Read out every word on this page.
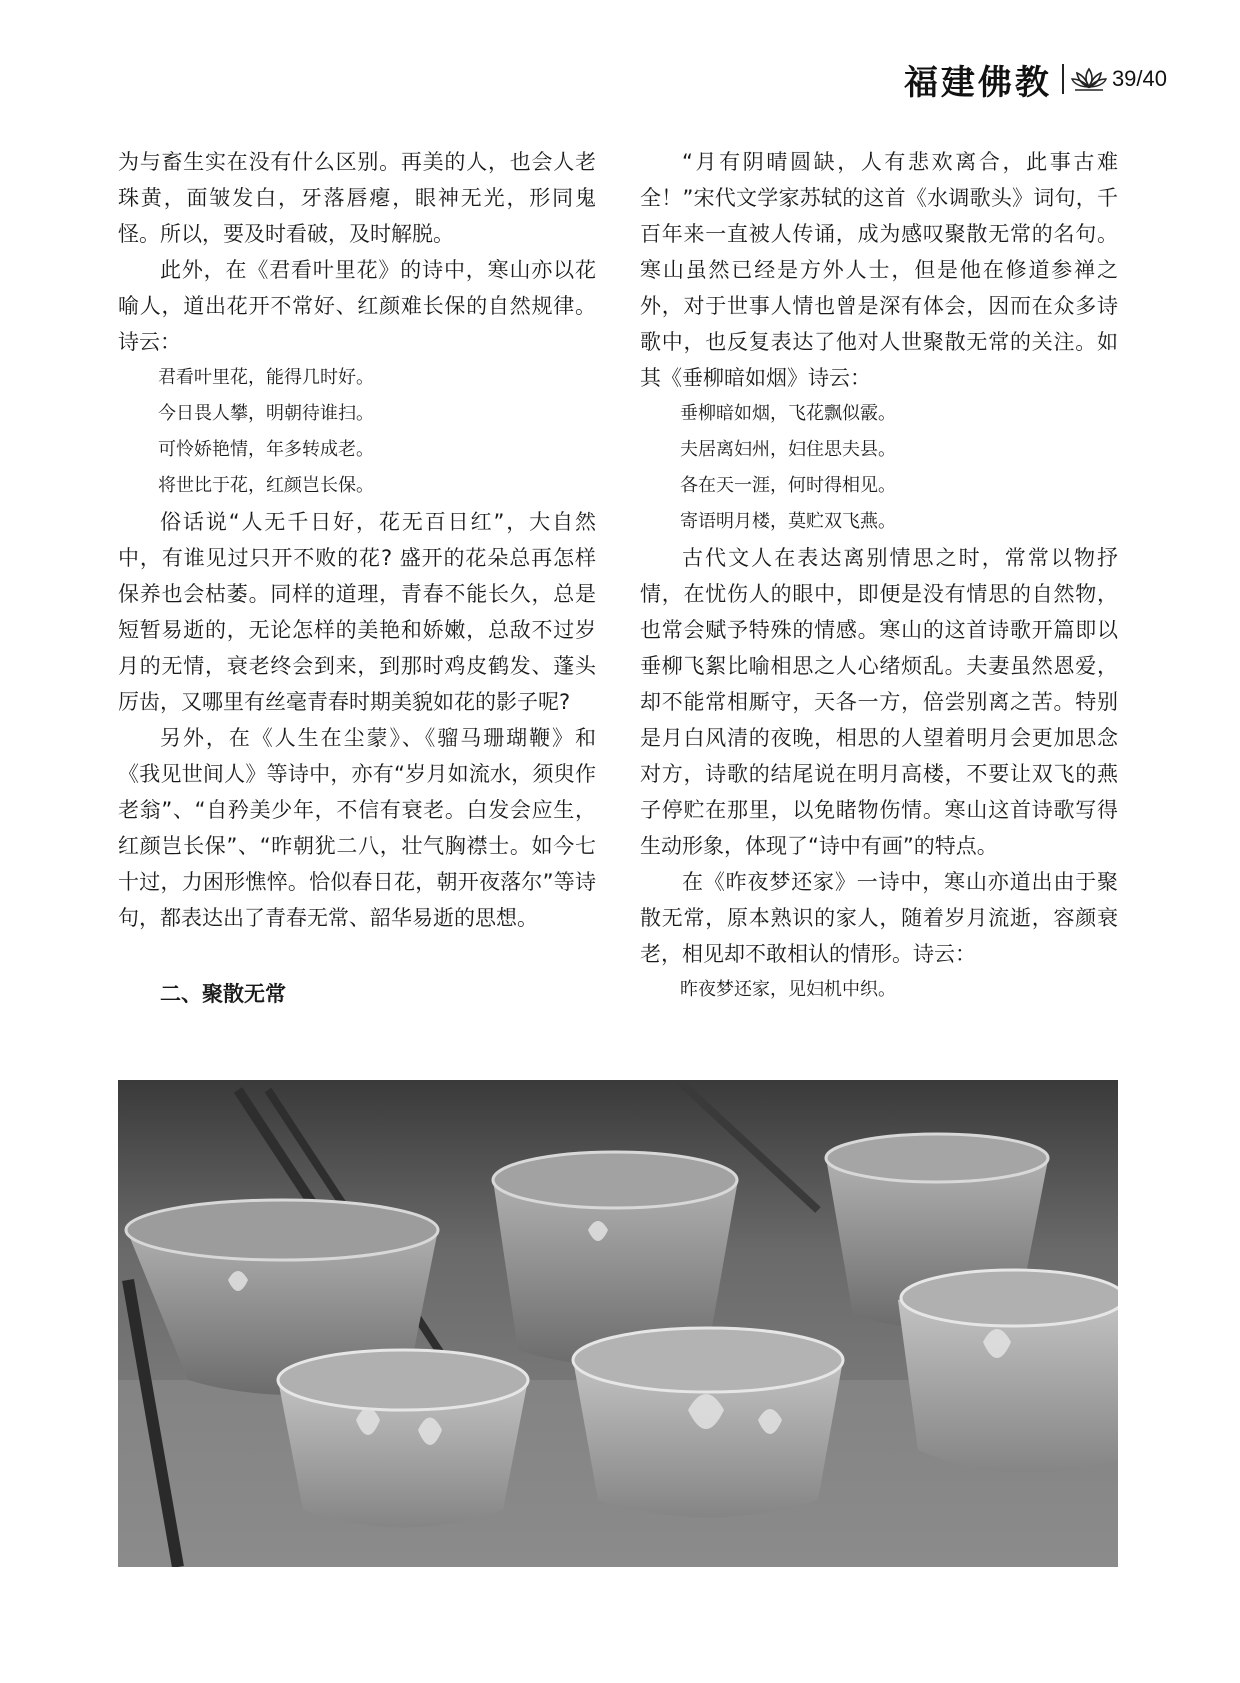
福建佛教	39/40

为与畜生实在没有什么区别。再美的人，也会人老珠黄，面皱发白，牙落唇瘪，眼神无光，形同鬼怪。所以，要及时看破，及时解脱。

此外，在《君看叶里花》的诗中，寒山亦以花喻人，道出花开不常好、红颜难长保的自然规律。诗云：

君看叶里花，能得几时好。

今日畏人攀，明朝待谁扫。

可怜娇艳情，年多转成老。

将世比于花，红颜岂长保。

俗话说“人无千日好，花无百日红”，大自然中，有谁见过只开不败的花? 盛开的花朵总再怎样保养也会枯萎。同样的道理，青春不能长久，总是短暂易逝的，无论怎样的美艳和娇嫩，总敌不过岁月的无情，衰老终会到来，到那时鸡皮鹤发、蓬头厉齿，又哪里有丝毫青春时期美貌如花的影子呢?

另外，在《人生在尘蒙》、《骝马珊瑚鞭》和《我见世间人》等诗中，亦有“岁月如流水，须臾作老翁”、“自矜美少年，不信有衰老。白发会应生，红颜岂长保”、“昨朝犹二八，壮气胸襟士。如今七十过，力困形憔悴。恰似春日花，朝开夜落尔”等诗句，都表达出了青春无常、韶华易逝的思想。

二、聚散无常

“月有阴晴圆缺，人有悲欢离合，此事古难全！”宋代文学家苏轼的这首《水调歌头》词句，千百年来一直被人传诵，成为感叹聚散无常的名句。寒山虽然已经是方外人士，但是他在修道参禅之外，对于世事人情也曾是深有体会，因而在众多诗歌中，也反复表达了他对人世聚散无常的关注。如其《垂柳暗如烟》诗云：

垂柳暗如烟，飞花飘似霰。

夫居离妇州，妇住思夫县。

各在天一涯，何时得相见。

寄语明月楼，莫贮双飞燕。

古代文人在表达离别情思之时，常常以物抒情，在忧伤人的眼中，即便是没有情思的自然物，也常会赋予特殊的情感。寒山的这首诗歌开篇即以垂柳飞絮比喻相思之人心绪烦乱。夫妻虽然恩爱，却不能常相厮守，天各一方，倍尝别离之苦。特别是月白风清的夜晚，相思的人望着明月会更加思念对方，诗歌的结尾说在明月高楼，不要让双飞的燕子停贮在那里，以免睹物伤情。寒山这首诗歌写得生动形象，体现了“诗中有画”的特点。

在《昨夜梦还家》一诗中，寒山亦道出由于聚散无常，原本熟识的家人，随着岁月流逝，容颜衰老，相见却不敢相认的情形。诗云：

昨夜梦还家，见妇机中织。
